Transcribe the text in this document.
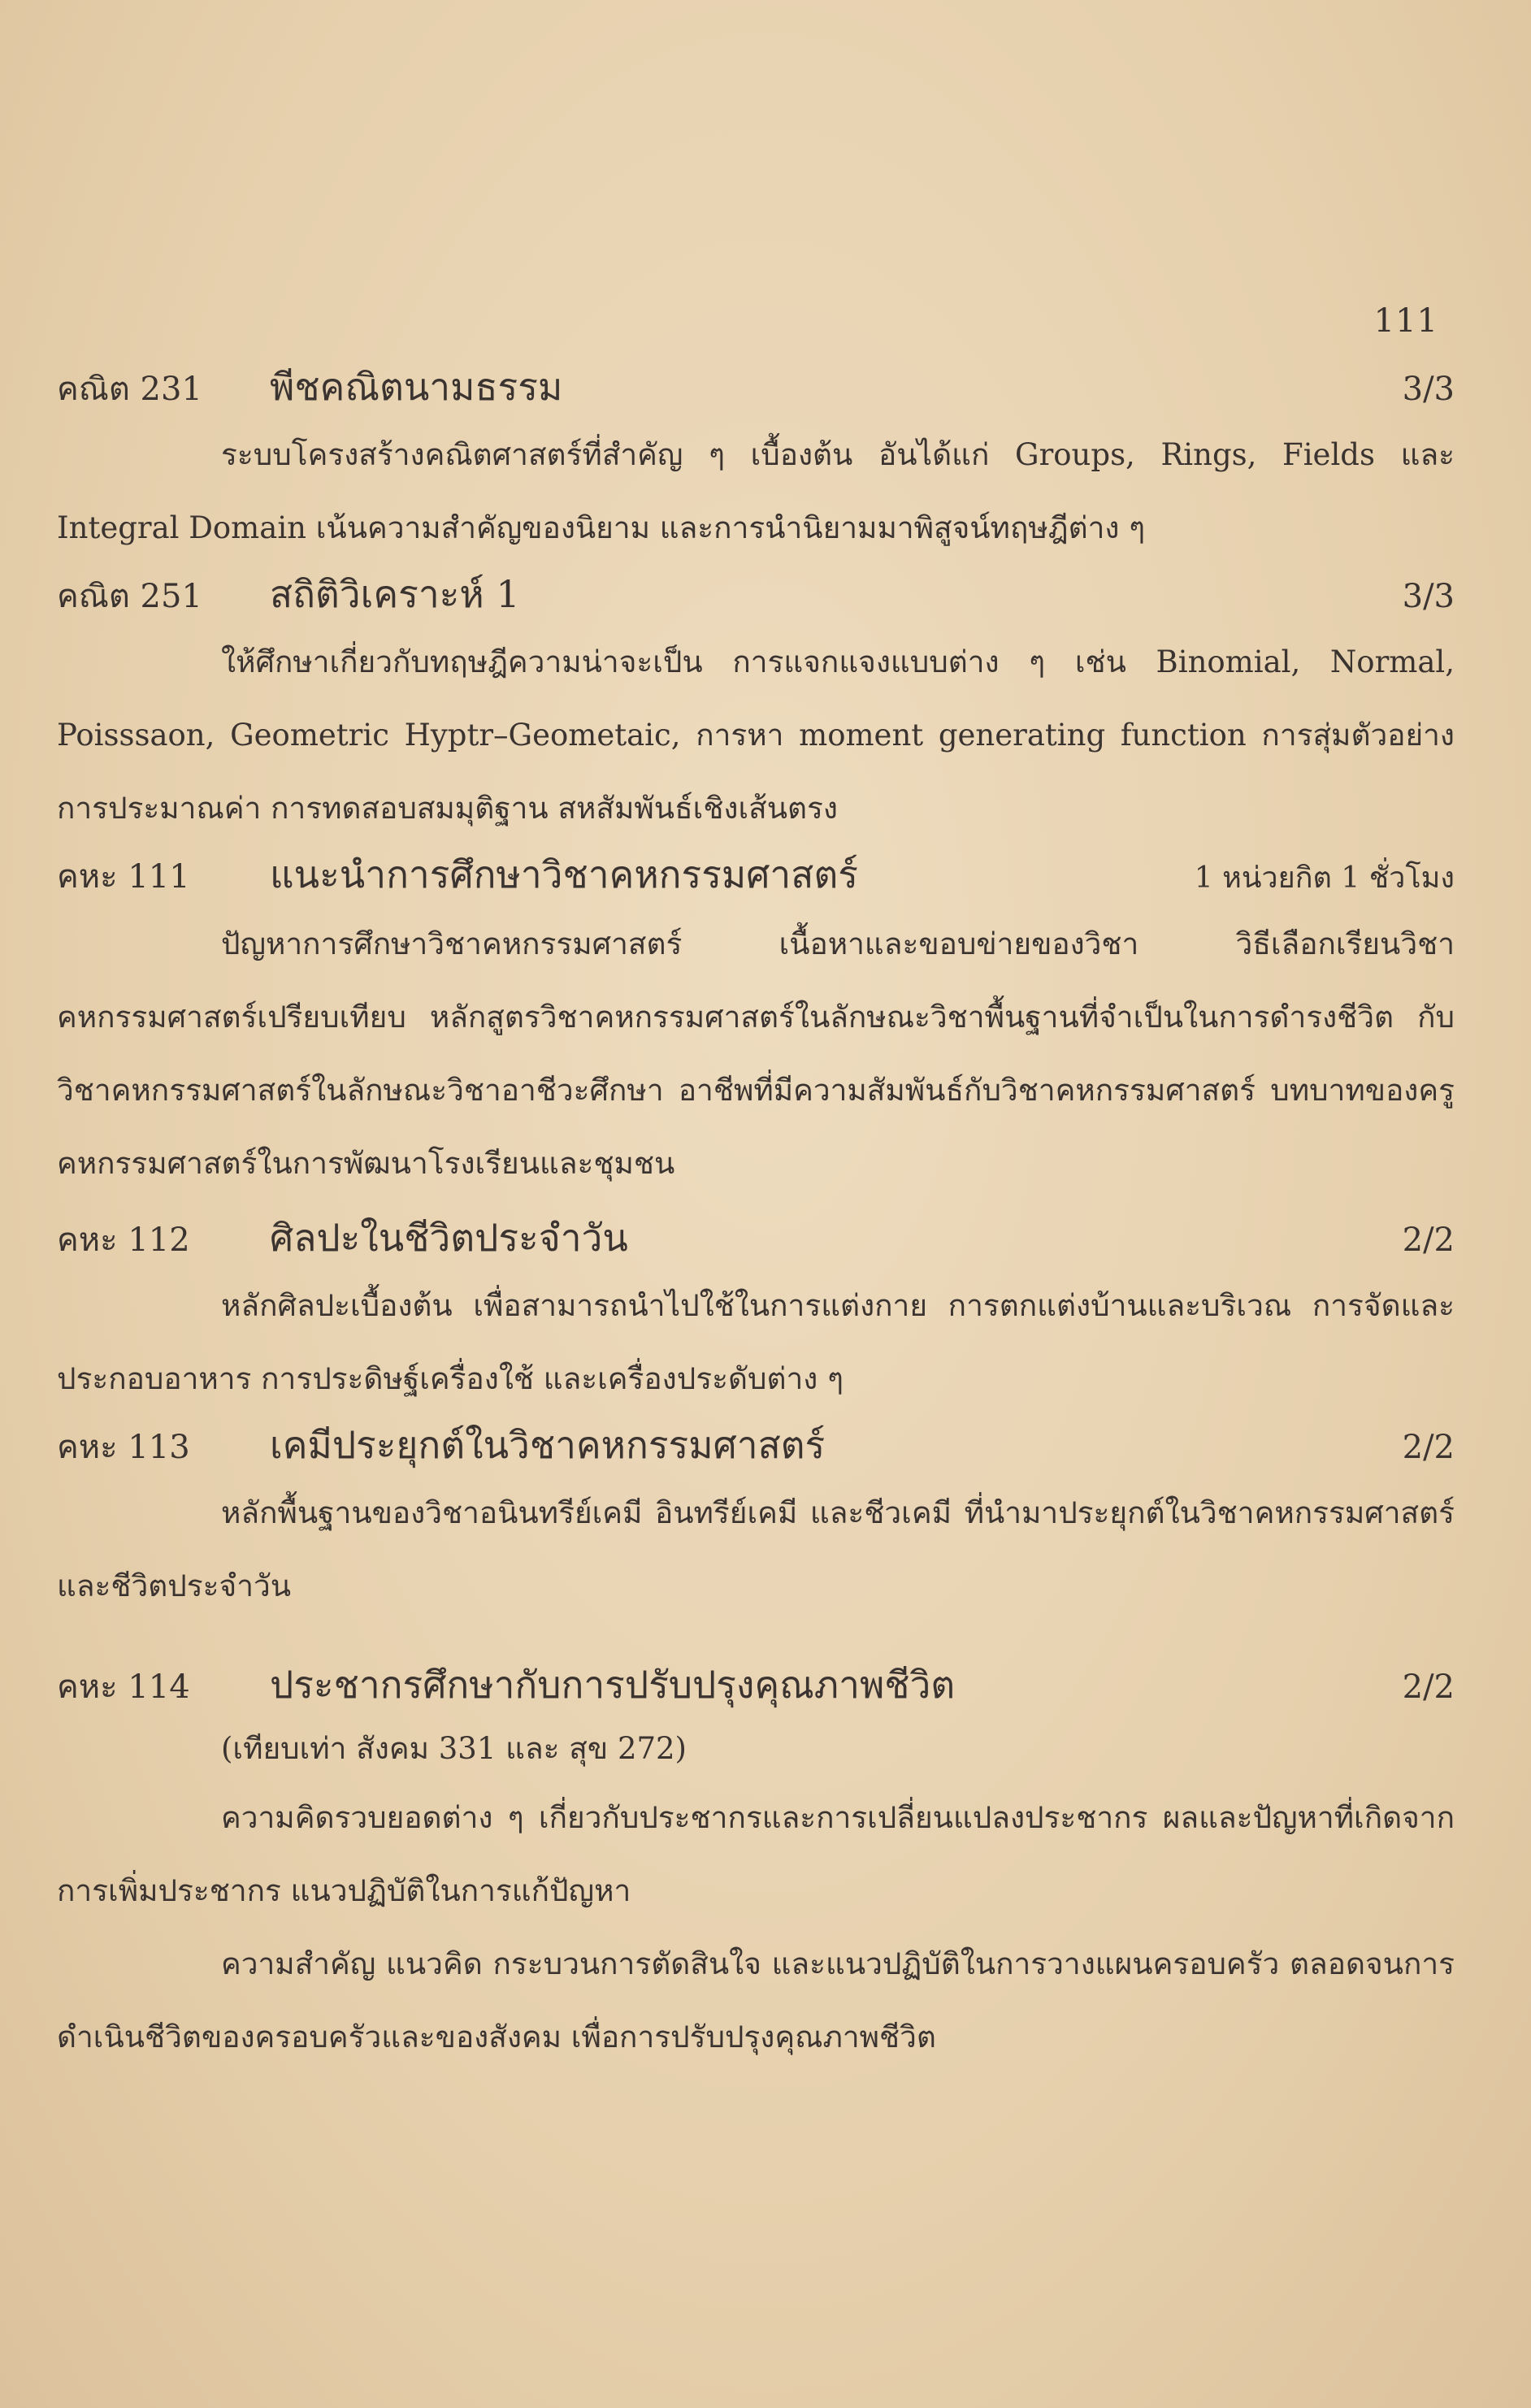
111
คณิต 231	พีชคณิตนามธรรม	3/3

ระบบโครงสร้างคณิตศาสตร์ที่สำคัญ ๆ เบื้องต้น อันได้แก่ Groups, Rings, Fields และ Integral Domain เน้นความสำคัญของนิยาม และการนำนิยามมาพิสูจน์ทฤษฎีต่าง ๆ

คณิต 251	สถิติวิเคราะห์ 1	3/3

ให้ศึกษาเกี่ยวกับทฤษฎีความน่าจะเป็น การแจกแจงแบบต่าง ๆ เช่น Binomial, Normal, Poisssaon, Geometric Hyptr–Geometaic, การหา moment generating function การสุ่มตัวอย่าง การประมาณค่า การทดสอบสมมุติฐาน สหสัมพันธ์เชิงเส้นตรง

คหะ 111	แนะนำการศึกษาวิชาคหกรรมศาสตร์	1 หน่วยกิต 1 ชั่วโมง

ปัญหาการศึกษาวิชาคหกรรมศาสตร์ เนื้อหาและขอบข่ายของวิชา วิธีเลือกเรียนวิชาคหกรรมศาสตร์เปรียบเทียบ หลักสูตรวิชาคหกรรมศาสตร์ในลักษณะวิชาพื้นฐานที่จำเป็นในการดำรงชีวิต กับวิชาคหกรรมศาสตร์ในลักษณะวิชาอาชีวะศึกษา อาชีพที่มีความสัมพันธ์กับวิชาคหกรรมศาสตร์ บทบาทของครูคหกรรมศาสตร์ในการพัฒนาโรงเรียนและชุมชน

คหะ 112	ศิลปะในชีวิตประจำวัน	2/2

หลักศิลปะเบื้องต้น เพื่อสามารถนำไปใช้ในการแต่งกาย การตกแต่งบ้านและบริเวณ การจัดและประกอบอาหาร การประดิษฐ์เครื่องใช้ และเครื่องประดับต่าง ๆ

คหะ 113	เคมีประยุกต์ในวิชาคหกรรมศาสตร์	2/2

หลักพื้นฐานของวิชาอนินทรีย์เคมี อินทรีย์เคมี และชีวเคมี ที่นำมาประยุกต์ในวิชาคหกรรมศาสตร์และชีวิตประจำวัน

คหะ 114	ประชากรศึกษากับการปรับปรุงคุณภาพชีวิต	2/2
(เทียบเท่า สังคม 331 และ สุข 272)

ความคิดรวบยอดต่าง ๆ เกี่ยวกับประชากรและการเปลี่ยนแปลงประชากร ผลและปัญหาที่เกิดจากการเพิ่มประชากร แนวปฏิบัติในการแก้ปัญหา

ความสำคัญ แนวคิด กระบวนการตัดสินใจ และแนวปฏิบัติในการวางแผนครอบครัว ตลอดจนการดำเนินชีวิตของครอบครัวและของสังคม เพื่อการปรับปรุงคุณภาพชีวิต
